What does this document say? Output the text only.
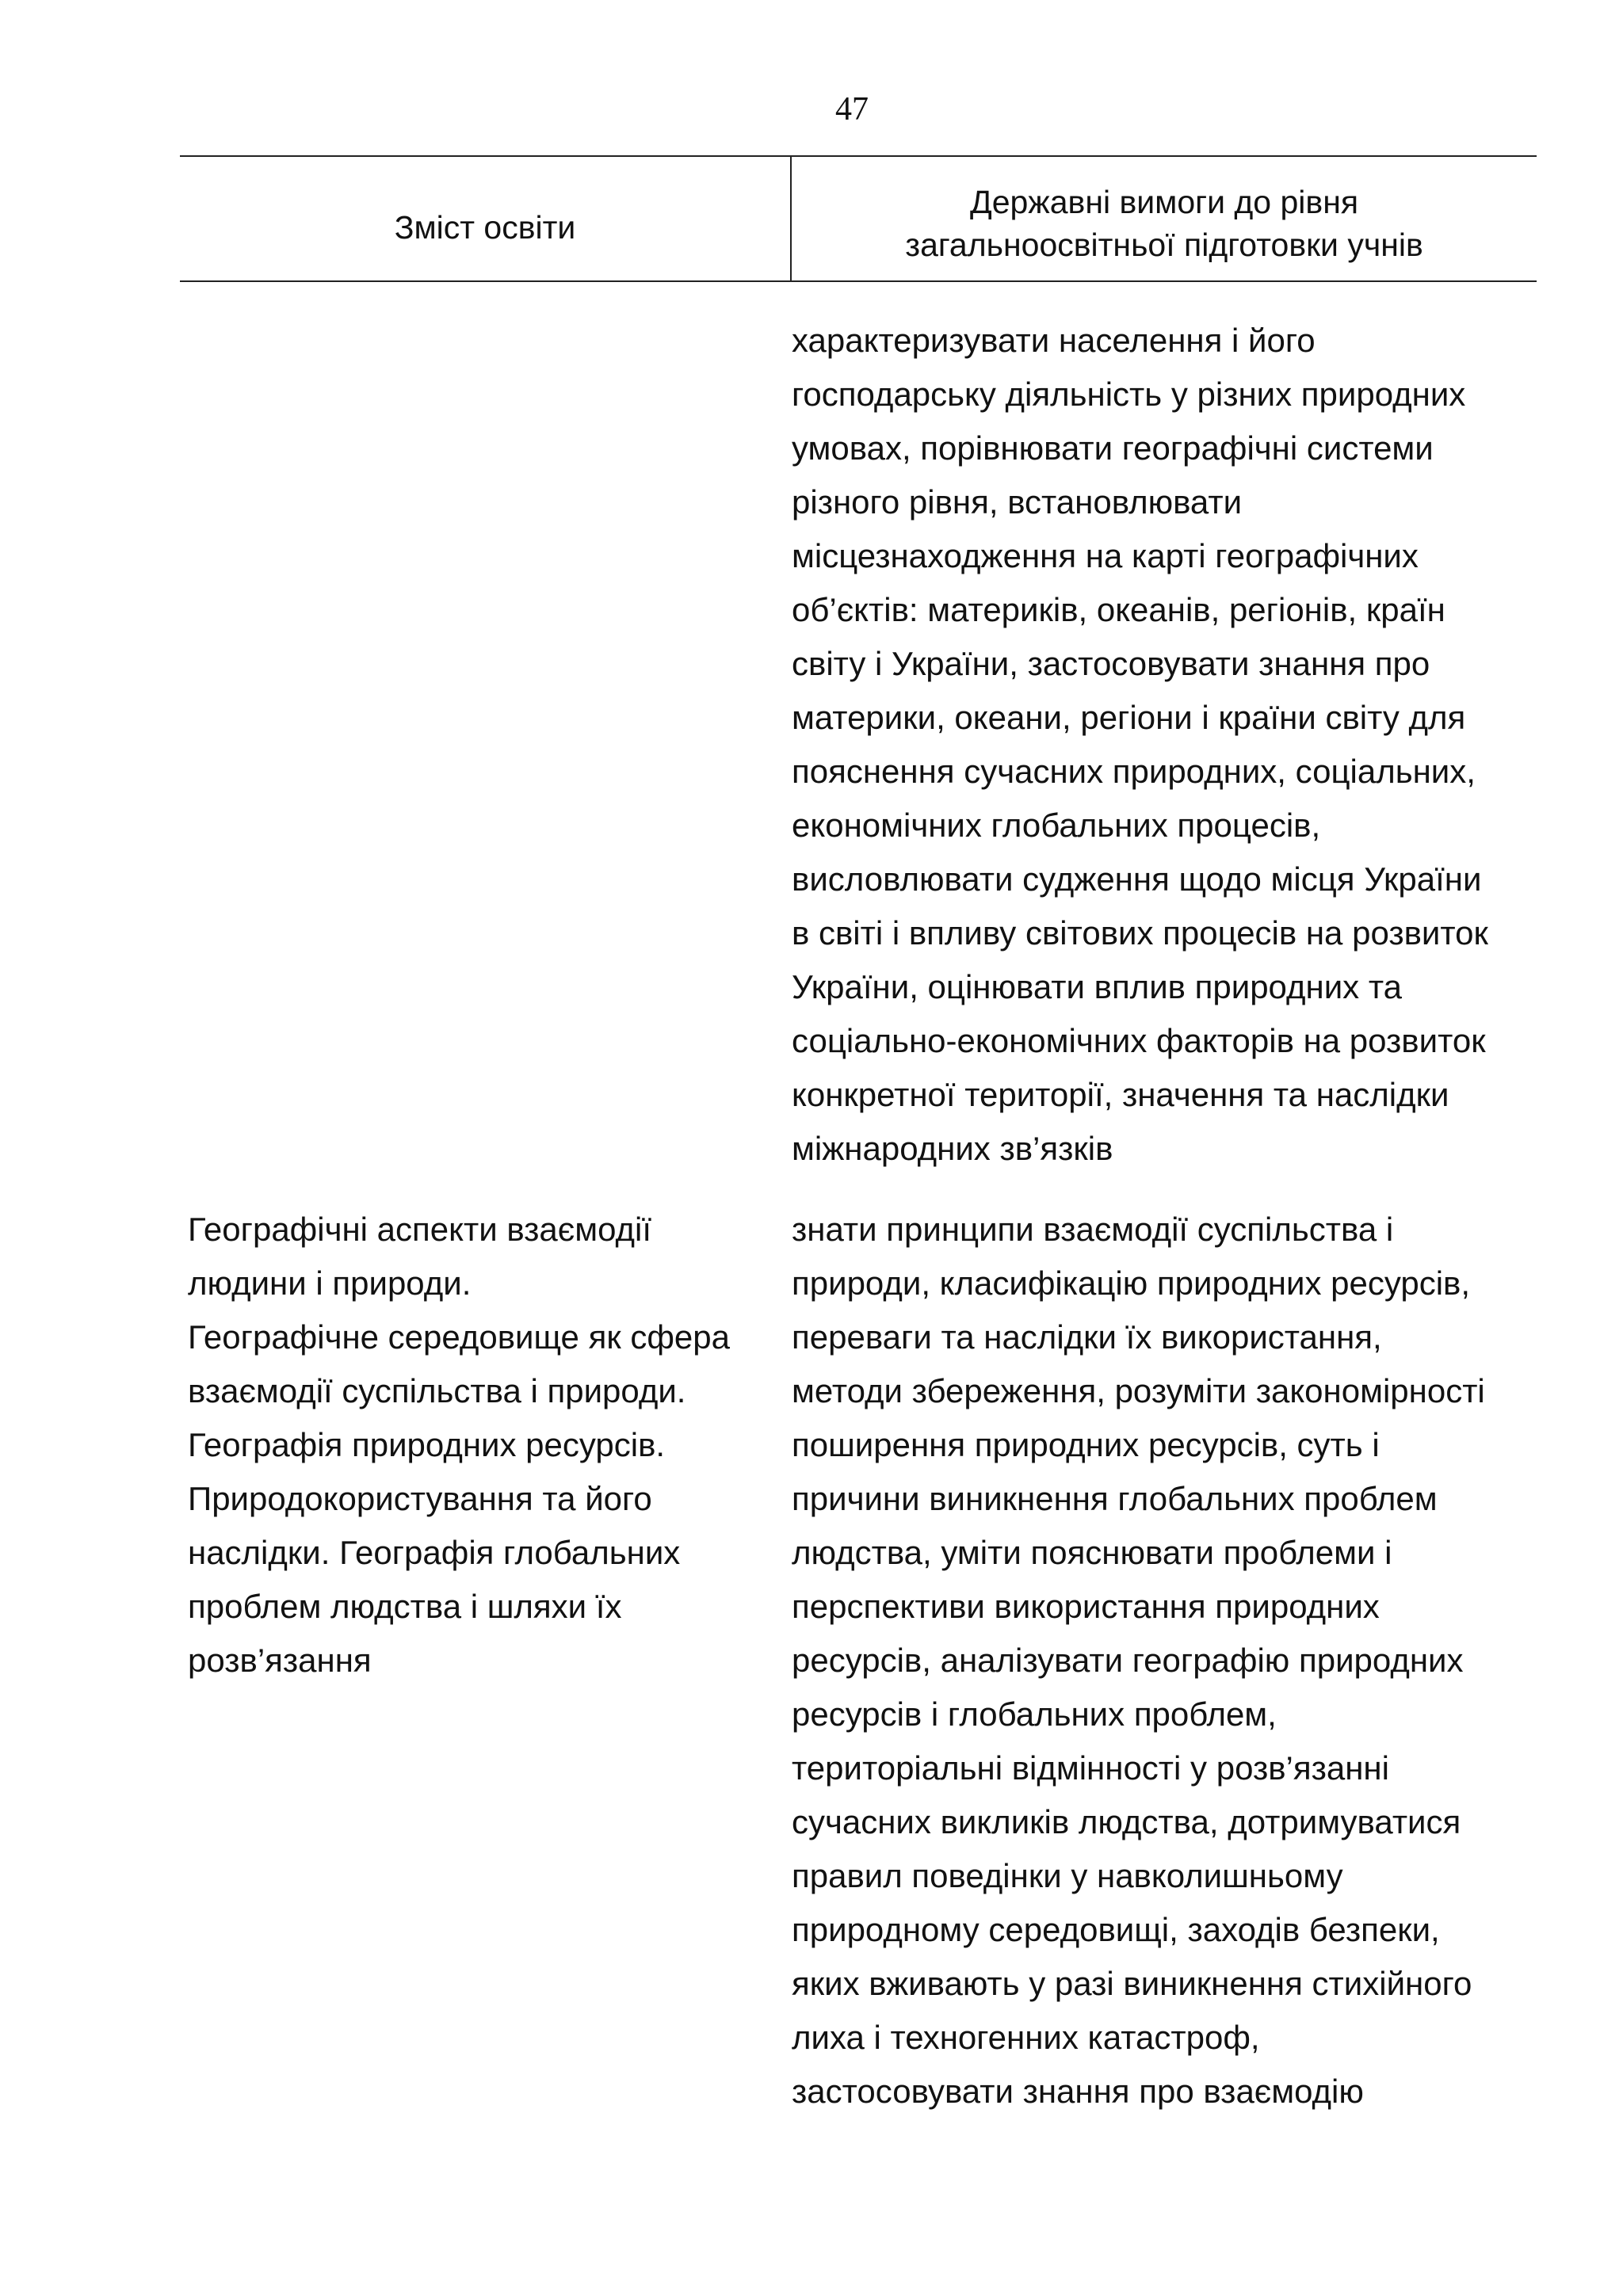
47
Зміст освіти
Державні вимоги до рівня
загальноосвітньої підготовки учнів
характеризувати населення і його
господарську діяльність у різних природних
умовах, порівнювати географічні системи
різного рівня, встановлювати
місцезнаходження на карті географічних
об’єктів: материків, океанів, регіонів, країн
світу і України, застосовувати знання про
материки, океани, регіони і країни світу для
пояснення сучасних природних, соціальних,
економічних глобальних процесів,
висловлювати судження щодо місця України
в світі і впливу світових процесів на розвиток
України, оцінювати вплив природних та
соціально-економічних факторів на розвиток
конкретної території, значення та наслідки
міжнародних зв’язків
Географічні аспекти взаємодії
людини і природи.
Географічне середовище як сфера
взаємодії суспільства і природи.
Географія природних ресурсів.
Природокористування та його
наслідки. Географія глобальних
проблем людства і шляхи їх
розв’язання
знати принципи взаємодії суспільства і
природи, класифікацію природних ресурсів,
переваги та наслідки їх використання,
методи збереження, розуміти закономірності
поширення природних ресурсів, суть і
причини виникнення глобальних проблем
людства, уміти пояснювати проблеми і
перспективи використання природних
ресурсів, аналізувати географію природних
ресурсів і глобальних проблем,
територіальні відмінності у розв’язанні
сучасних викликів людства, дотримуватися
правил поведінки у навколишньому
природному середовищі, заходів безпеки,
яких вживають у разі виникнення стихійного
лиха і техногенних катастроф,
застосовувати знання про взаємодію
